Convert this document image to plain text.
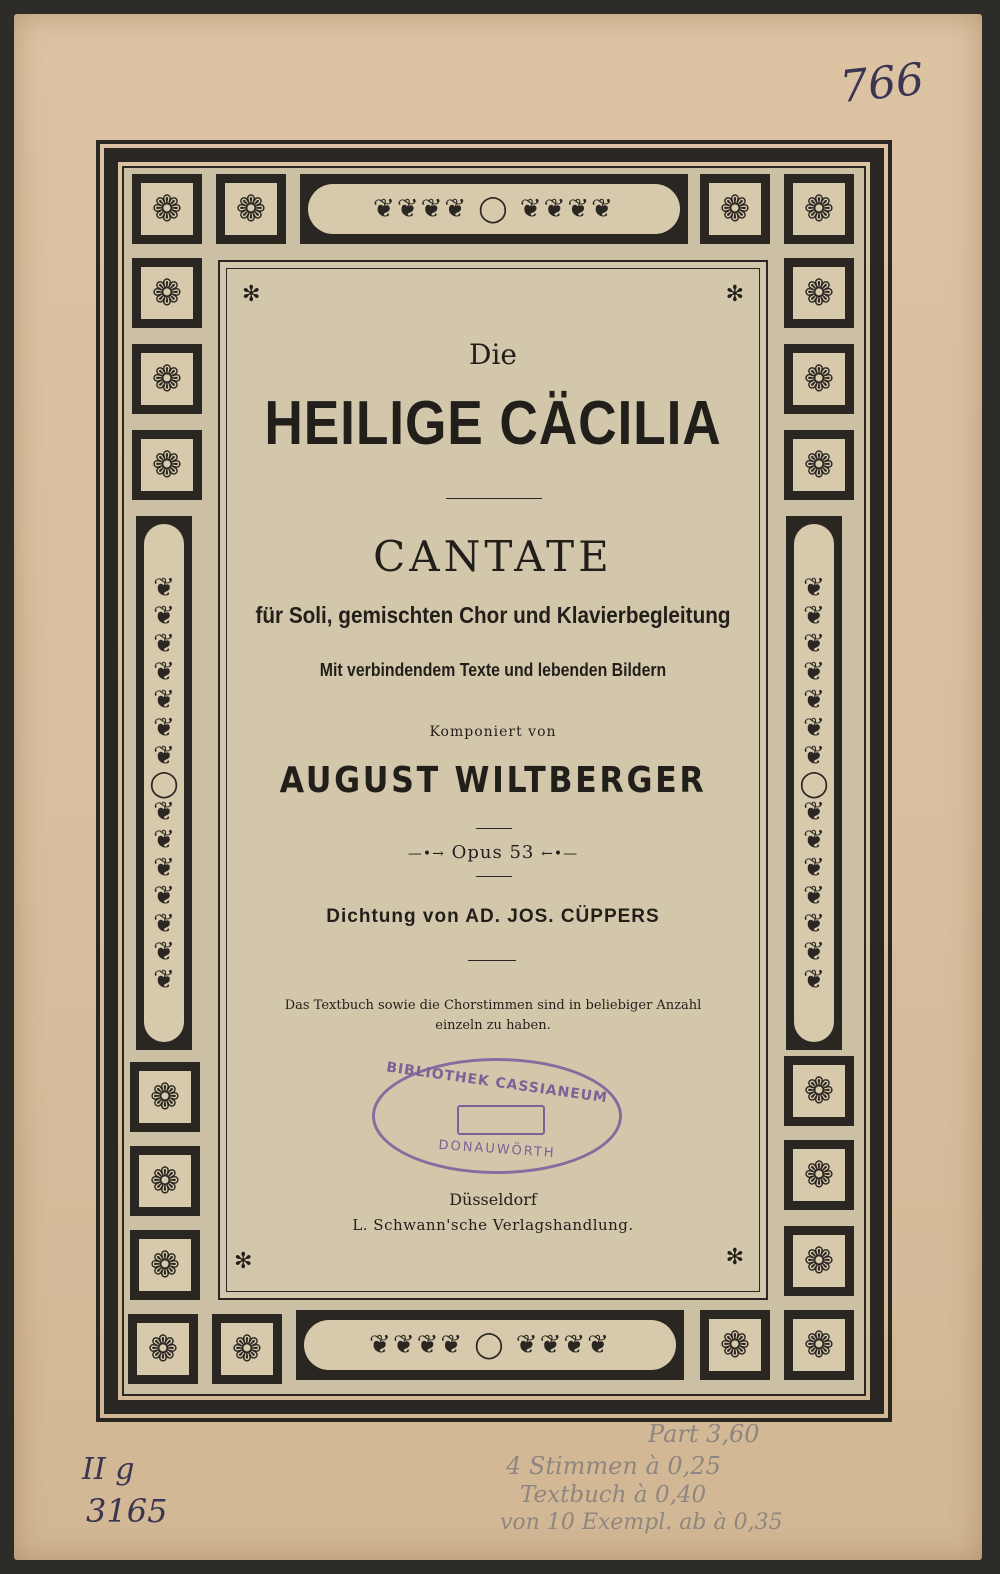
766
❁ ❁	❁ ❁
❁ ❁	❁ ❁
❁
❁
❁
❁
❁
❁
❁
❁
❁
❁
❁
❁
❦❦❦❦ ◯ ❦❦❦❦
❦❦❦❦ ◯ ❦❦❦❦
❦❦❦❦❦❦❦◯❦❦❦❦❦❦❦	❦❦❦❦❦❦❦◯❦❦❦❦❦❦❦
✻	✻
✻	✻
Die
HEILIGE CÄCILIA
CANTATE
für Soli, gemischten Chor und Klavierbegleitung
Mit verbindendem Texte und lebenden Bildern
Komponiert von
AUGUST WILTBERGER
—•→ Opus 53 ←•—
Dichtung von AD. JOS. CÜPPERS
Das Textbuch sowie die Chorstimmen sind in beliebiger Anzahl
einzeln zu haben.
Düsseldorf
L. Schwann'sche Verlagshandlung.
BIBLIOTHEK CASSIANEUM
DONAUWÖRTH
II g
3165
Part 3,60
4 Stimmen à 0,25
Textbuch à 0,40
von 10 Exempl. ab à 0,35
